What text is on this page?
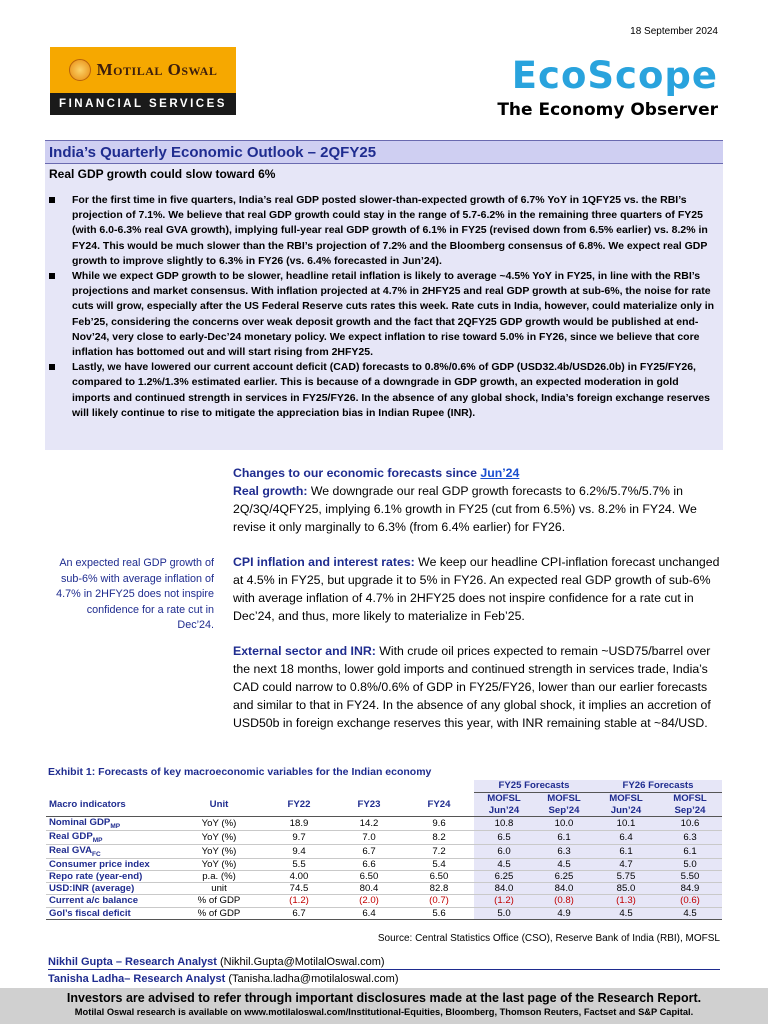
18 September 2024
Motilal Oswal
FINANCIAL SERVICES
EcoScope
The Economy Observer
India’s Quarterly Economic Outlook – 2QFY25
Real GDP growth could slow toward 6%
For the first time in five quarters, India’s real GDP posted slower-than-expected growth of 6.7% YoY in 1QFY25 vs. the RBI’s projection of 7.1%. We believe that real GDP growth could stay in the range of 5.7-6.2% in the remaining three quarters of FY25 (with 6.0-6.3% real GVA growth), implying full-year real GDP growth of 6.1% in FY25 (revised down from 6.5% earlier) vs. 8.2% in FY24. This would be much slower than the RBI’s projection of 7.2% and the Bloomberg consensus of 6.8%. We expect real GDP growth to improve slightly to 6.3% in FY26 (vs. 6.4% forecasted in Jun’24).
While we expect GDP growth to be slower, headline retail inflation is likely to average ~4.5% YoY in FY25, in line with the RBI’s projections and market consensus. With inflation projected at 4.7% in 2HFY25 and real GDP growth at sub-6%, the noise for rate cuts will grow, especially after the US Federal Reserve cuts rates this week. Rate cuts in India, however, could materialize only in Feb’25, considering the concerns over weak deposit growth and the fact that 2QFY25 GDP growth would be published at end-Nov’24, very close to early-Dec’24 monetary policy. We expect inflation to rise toward 5.0% in FY26, since we believe that core inflation has bottomed out and will start rising from 2HFY25.
Lastly, we have lowered our current account deficit (CAD) forecasts to 0.8%/0.6% of GDP (USD32.4b/USD26.0b) in FY25/FY26, compared to 1.2%/1.3% estimated earlier. This is because of a downgrade in GDP growth, an expected moderation in gold imports and continued strength in services in FY25/FY26. In the absence of any global shock, India’s foreign exchange reserves will likely continue to rise to mitigate the appreciation bias in Indian Rupee (INR).

Changes to our economic forecasts since Jun’24

Real growth: We downgrade our real GDP growth forecasts to 6.2%/5.7%/5.7% in 2Q/3Q/4QFY25, implying 6.1% growth in FY25 (cut from 6.5%) vs. 8.2% in FY24. We revise it only marginally to 6.3% (from 6.4% earlier) for FY26.

CPI inflation and interest rates: We keep our headline CPI-inflation forecast unchanged at 4.5% in FY25, but upgrade it to 5% in FY26. An expected real GDP growth of sub-6% with average inflation of 4.7% in 2HFY25 does not inspire confidence for a rate cut in Dec’24, and thus, more likely to materialize in Feb’25.

External sector and INR: With crude oil prices expected to remain ~USD75/barrel over the next 18 months, lower gold imports and continued strength in services trade, India’s CAD could narrow to 0.8%/0.6% of GDP in FY25/FY26, lower than our earlier forecasts and similar to that in FY24. In the absence of any global shock, it implies an accretion of USD50b in foreign exchange reserves this year, with INR remaining stable at ~84/USD.

An expected real GDP growth of sub-6% with average inflation of 4.7% in 2HFY25 does not inspire confidence for a rate cut in Dec’24.
Exhibit 1: Forecasts of key macroeconomic variables for the Indian economy
					FY25 Forecasts		FY26 Forecasts	
Macro indicators	Unit	FY22	FY23	FY24	MOFSL	MOFSL	MOFSL	MOFSL
					Jun’24	Sep’24	Jun’24	Sep’24
Nominal $GDP_{MP}$	YoY (%)	18.9	14.2	9.6	10.8	10.0	10.1	10.6
Real $GDP_{MP}$	YoY (%)	9.7	7.0	8.2	6.5	6.1	6.4	6.3
Real $GVA_{FC}$	YoY (%)	9.4	6.7	7.2	6.0	6.3	6.1	6.1
Consumer price index	YoY (%)	5.5	6.6	5.4	4.5	4.5	4.7	5.0
Repo rate (year-end)	p.a. (%)	4.00	6.50	6.50	6.25	6.25	5.75	5.50
USD:INR (average)	unit	74.5	80.4	82.8	84.0	84.0	85.0	84.9
Current a/c balance	% of GDP	(1.2)	(2.0)	(0.7)	(1.2)	(0.8)	(1.3)	(0.6)
GoI’s fiscal deficit	% of GDP	6.7	6.4	5.6	5.0	4.9	4.5	4.5
Source: Central Statistics Office (CSO), Reserve Bank of India (RBI), MOFSL
Nikhil Gupta – Research Analyst (Nikhil.Gupta@MotilalOswal.com)
Tanisha Ladha– Research Analyst (Tanisha.ladha@motilaloswal.com)
Investors are advised to refer through important disclosures made at the last page of the Research Report.
Motilal Oswal research is available on www.motilaloswal.com/Institutional-Equities, Bloomberg, Thomson Reuters, Factset and S&P Capital.
